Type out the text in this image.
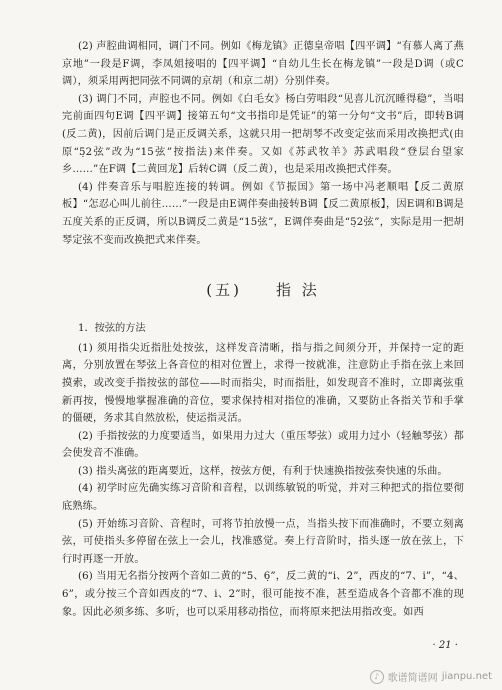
(2) 声腔曲调相同，调门不同。例如《梅龙镇》正德皇帝唱【四平调】“有慕人离了燕京地”一段是F调，李凤姐接唱的【四平调】“自幼儿生长在梅龙镇”一段是D调（或C调），须采用两把同弦不同调的京胡（和京二胡）分别伴奏。

(3) 调门不同，声腔也不同。例如《白毛女》杨白劳唱段“见喜儿沉沉睡得稳”，当唱完前面四句E调【四平调】接第五句“文书指印是凭证”的第一分句“文书”后，即转B调(反二黄)，因前后调门是正反调关系，这就只用一把胡琴不改变定弦而采用改换把式(由原“5̣2弦”改为“15弦”按指法)来伴奏。又如《苏武牧羊》苏武唱段“登层台望家乡……”在F调【二黄回龙】后转C调（反二黄），也是采用改换把式伴奏。

(4) 伴奏音乐与唱腔连接的转调。例如《节振国》第一场中冯老顺唱【反二黄原板】“怎忍心叫儿前往……”一段是由E调伴奏曲接转B调【反二黄原板】，因E调和B调是五度关系的正反调，所以B调反二黄是“15弦”，E调伴奏曲是“5̣2弦”，实际是用一把胡琴定弦不变而改换把式来伴奏。

(五) 指 法
1．按弦的方法

(1) 须用指尖近指肚处按弦，这样发音清晰，指与指之间须分开，并保持一定的距离，分别放置在琴弦上各音位的相对位置上，求得一按就准，注意防止手指在弦上来回摸索，或改变手指按弦的部位——时而指尖，时而指肚，如发现音不准时，立即离弦重新再按，慢慢地掌握准确的音位，要求保持相对指位的准确，又要防止各指关节和手掌的僵硬，务求其自然放松，使运指灵活。

(2) 手指按弦的力度要适当，如果用力过大（重压琴弦）或用力过小（轻触琴弦）都会使发音不准确。

(3) 指头离弦的距离要近，这样，按弦方便，有利于快速换指按弦奏快速的乐曲。

(4) 初学时应先确实练习音阶和音程，以训练敏锐的听觉，并对三种把式的指位要彻底熟练。

(5) 开始练习音阶、音程时，可将节拍放慢一点，当指头按下而准确时，不要立刻离弦，可使指头多停留在弦上一会儿，找准感觉。奏上行音阶时，指头逐一放在弦上，下行时再逐一开放。

(6) 当用无名指分按两个音如二黄的“5、6̣”，反二黄的“i̇、2̇”，西皮的“7、i̇”，“4、6”，或分按三个音如西皮的“7、i̇、2̇”时，很可能按不准，甚至造成各个音都不准的现象。因此必须多练、多听，也可以采用移动指位，而将原来把法用指改变。如西

· 21 ·
♪ 歌谱简谱网 jianpu.net
